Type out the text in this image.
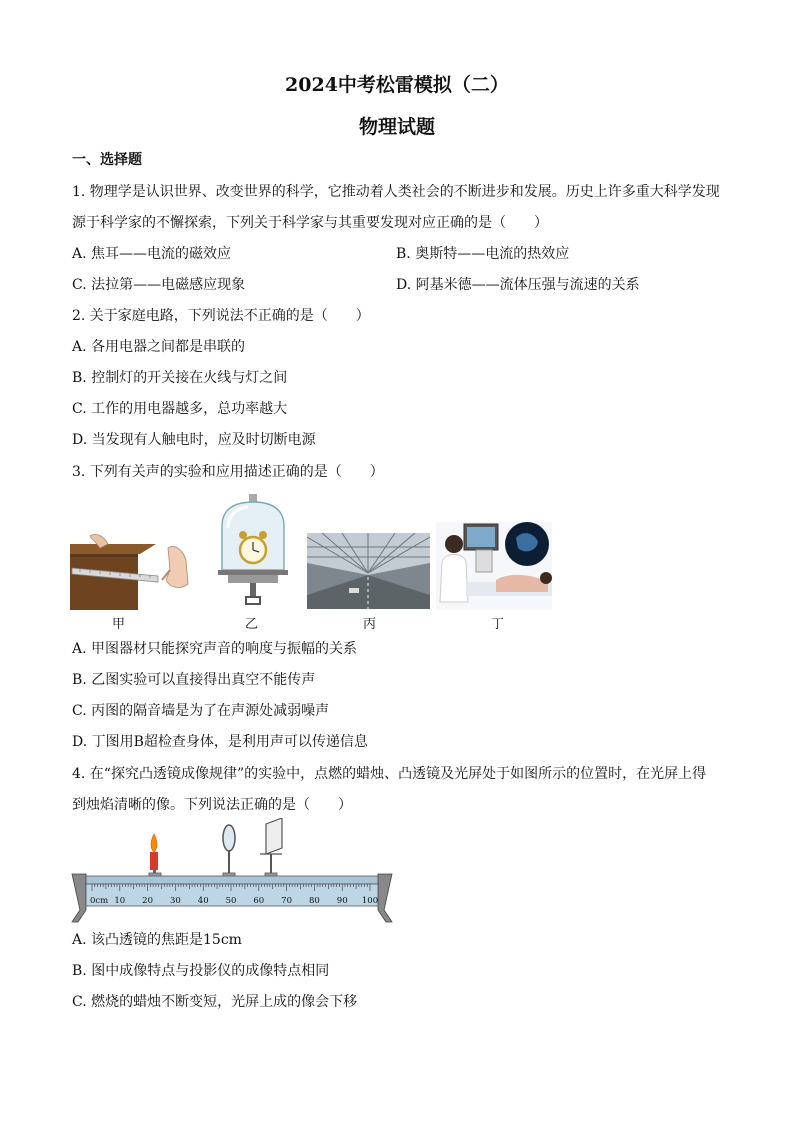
2024中考松雷模拟（二）
物理试题
一、选择题
1. 物理学是认识世界、改变世界的科学，它推动着人类社会的不断进步和发展。历史上许多重大科学发现
源于科学家的不懈探索，下列关于科学家与其重要发现对应正确的是（　　）
A. 焦耳——电流的磁效应	B. 奥斯特——电流的热效应
C. 法拉第——电磁感应现象	D. 阿基米德——流体压强与流速的关系
2. 关于家庭电路，下列说法不正确的是（　　）
A. 各用电器之间都是串联的
B. 控制灯的开关接在火线与灯之间
C. 工作的用电器越多，总功率越大
D. 当发现有人触电时，应及时切断电源
3. 下列有关声的实验和应用描述正确的是（　　）
甲	乙	丙	丁
A. 甲图器材只能探究声音的响度与振幅的关系
B. 乙图实验可以直接得出真空不能传声
C. 丙图的隔音墙是为了在声源处减弱噪声
D. 丁图用B超检查身体，是利用声可以传递信息
4. 在“探究凸透镜成像规律”的实验中，点燃的蜡烛、凸透镜及光屏处于如图所示的位置时，在光屏上得
到烛焰清晰的像。下列说法正确的是（　　）
0cm 10 20 30 40 50 60 70 80 90 100
A. 该凸透镜的焦距是15cm
B. 图中成像特点与投影仪的成像特点相同
C. 燃烧的蜡烛不断变短，光屏上成的像会下移
